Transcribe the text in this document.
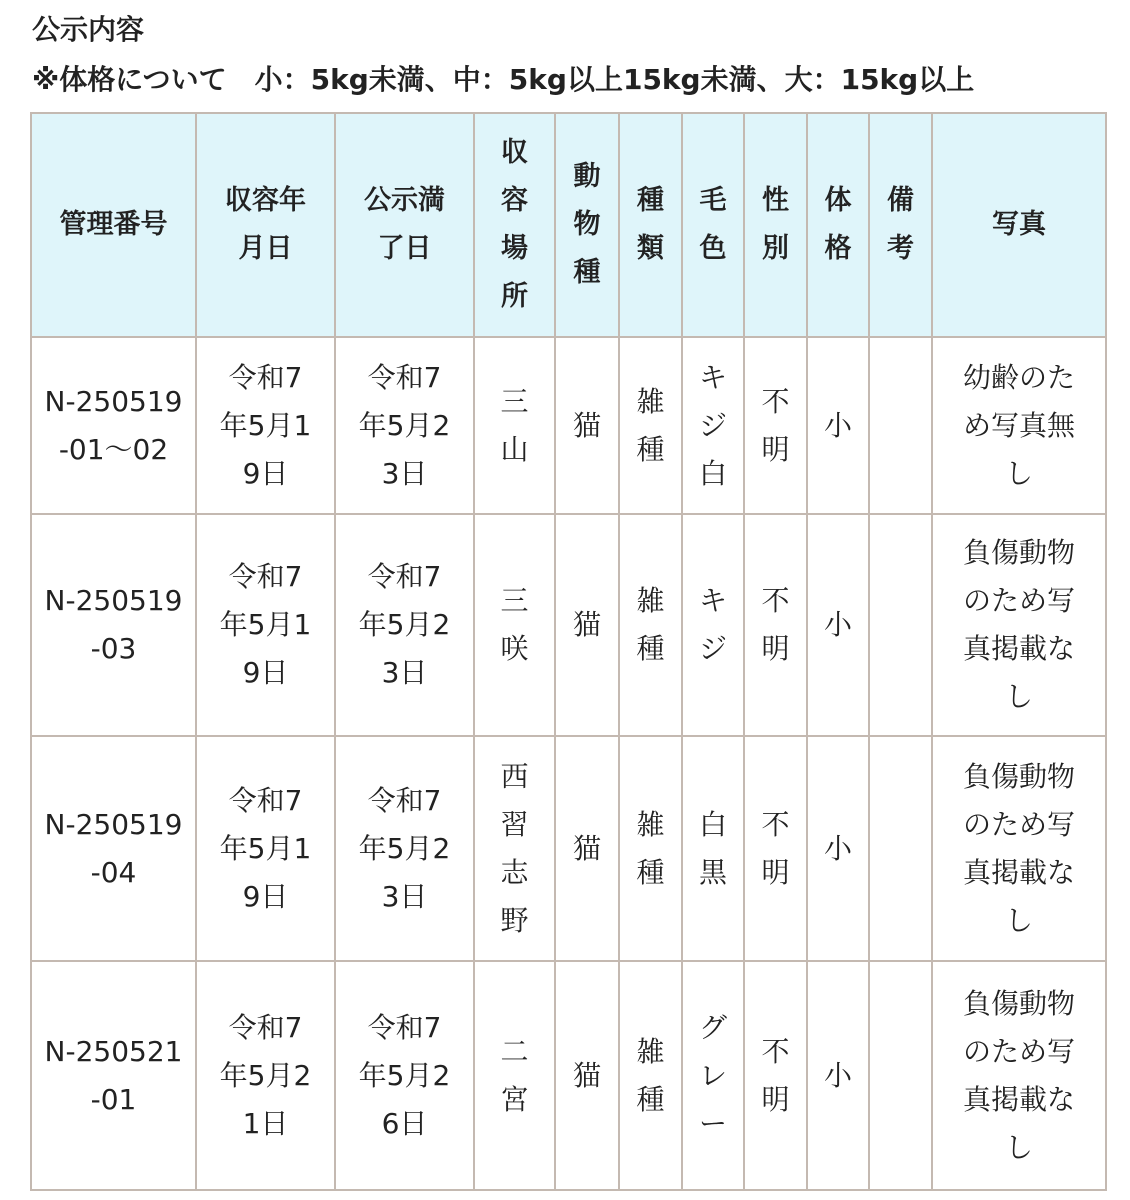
公示内容
※体格について　小：5kg未満、中：5kg以上15kg未満、大：15kg以上
管理番号	収容年月日	公示満了日	収容場所	動物種	種類	毛色	性別	体格	備考	写真
N-250519-01～02	令和7年5月19日	令和7年5月23日	三山	猫	雑種	キジ白	不明	小		幼齢のため写真無し
N-250519-03	令和7年5月19日	令和7年5月23日	三咲	猫	雑種	キジ	不明	小		負傷動物のため写真掲載なし
N-250519-04	令和7年5月19日	令和7年5月23日	西習志野	猫	雑種	白黒	不明	小		負傷動物のため写真掲載なし
N-250521-01	令和7年5月21日	令和7年5月26日	二宮	猫	雑種	グレー	不明	小		負傷動物のため写真掲載なし
